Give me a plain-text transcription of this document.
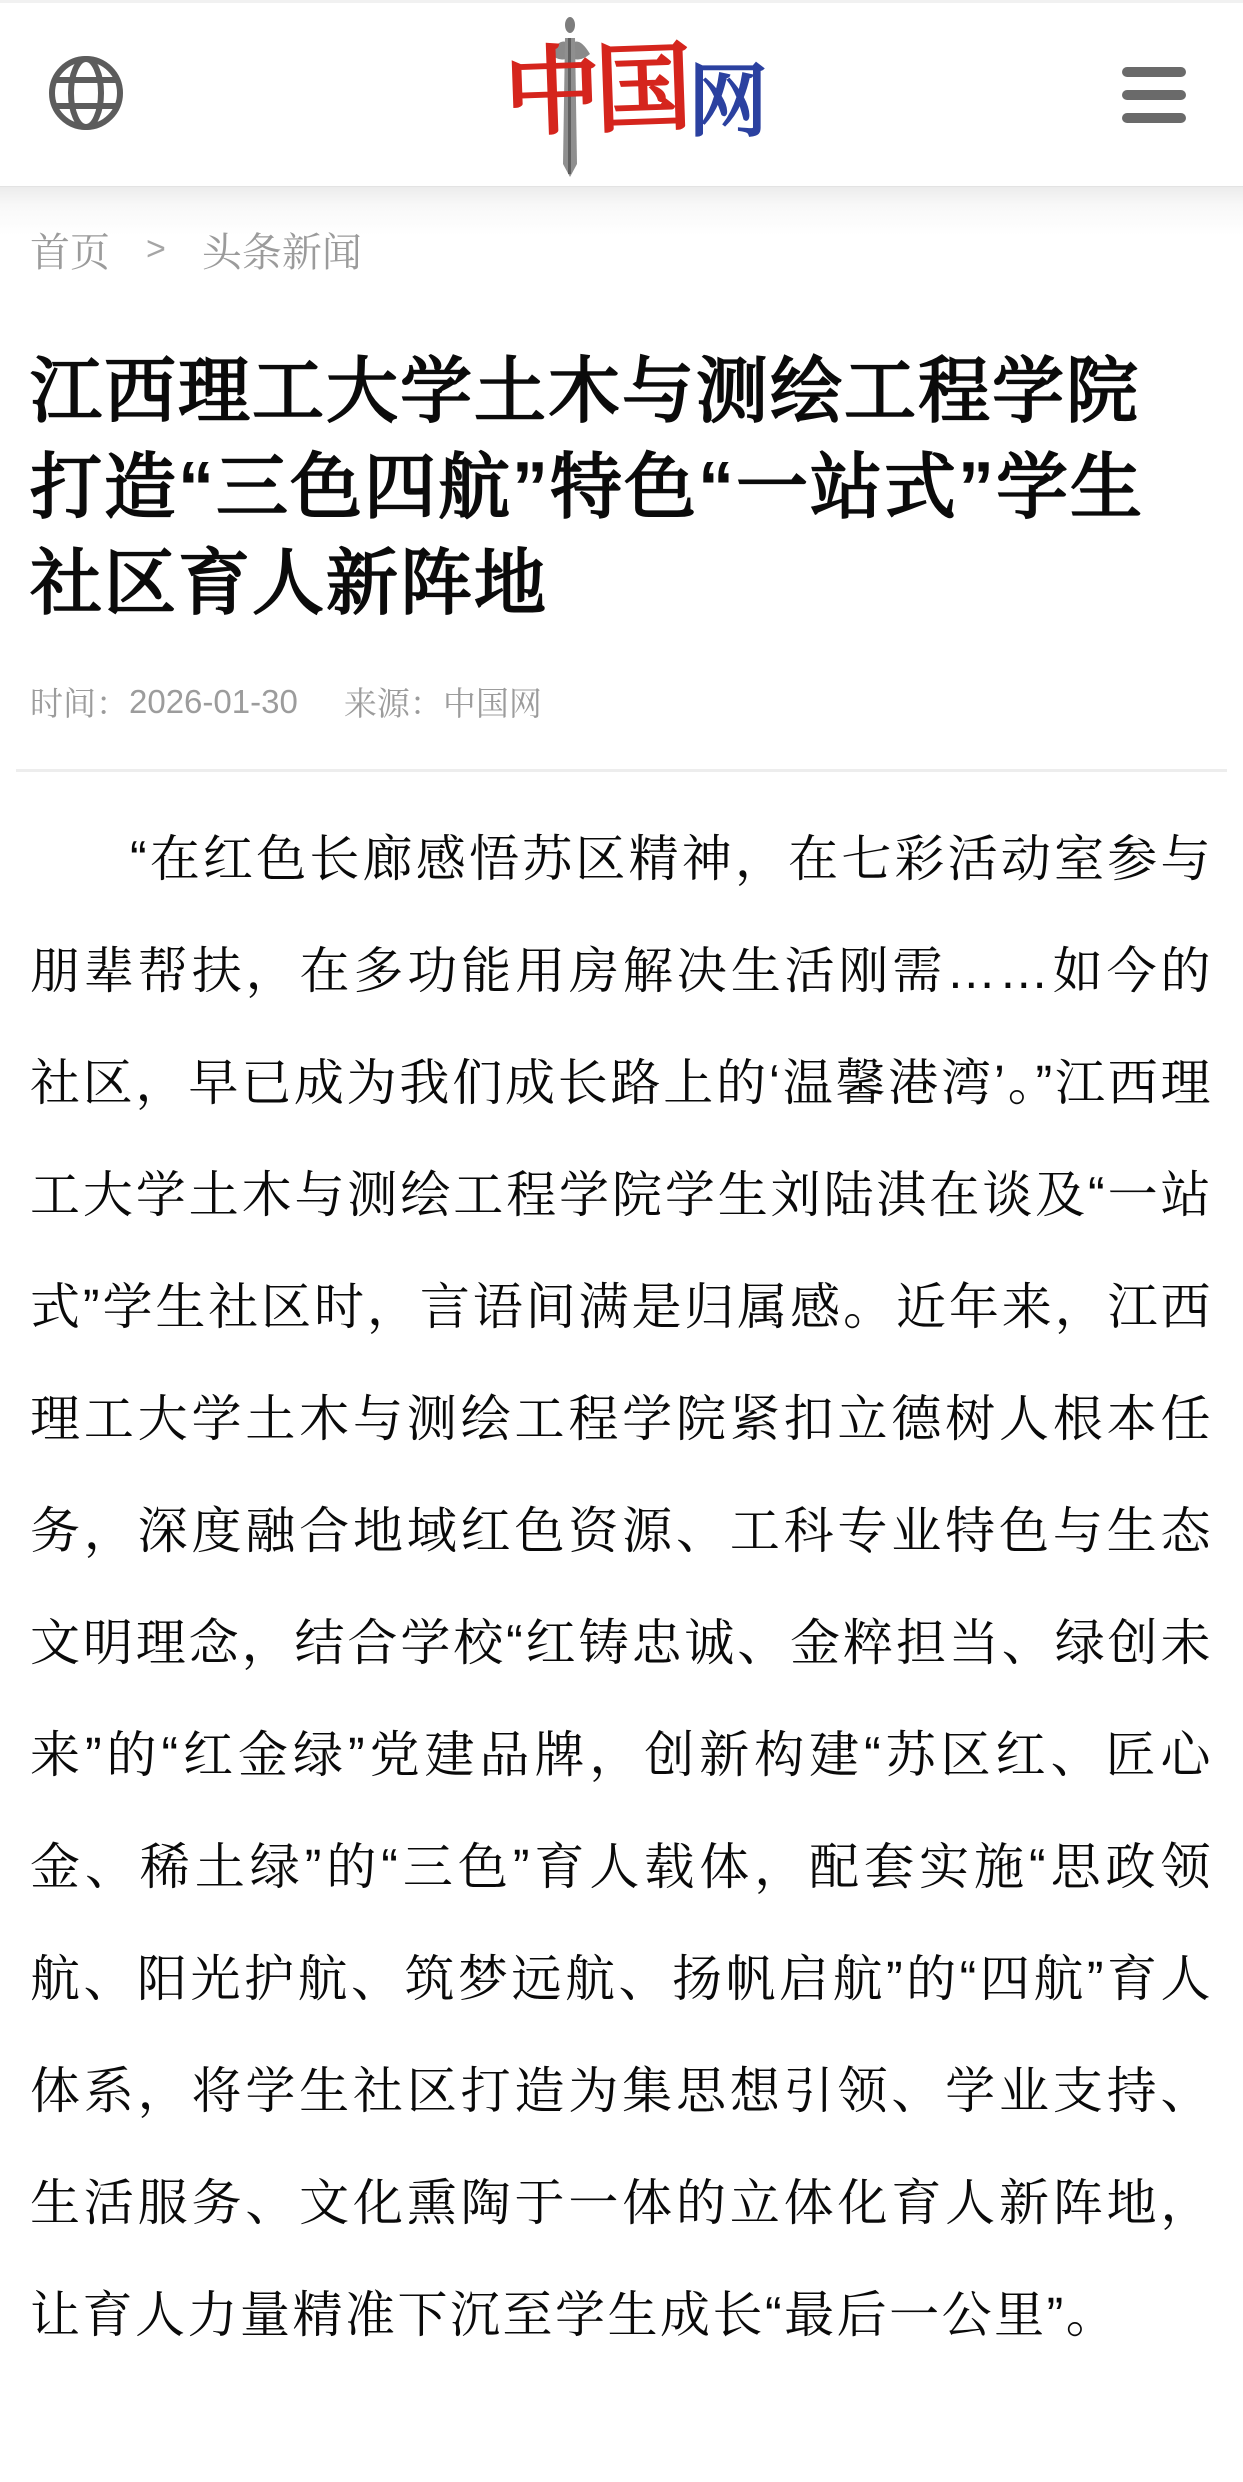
中国 网
首页 > 头条新闻
江西理工大学土木与测绘工程学院打造“三色四航”特色“一站式”学生社区育人新阵地
时间： 2026-01-30 来源： 中国网

“在红色长廊感悟苏区精神，在七彩活动室参与朋辈帮扶，在多功能用房解决生活刚需……如今的社区，早已成为我们成长路上的‘温馨港湾’。”江西理工大学土木与测绘工程学院学生刘陆淇在谈及“一站式”学生社区时，言语间满是归属感。近年来，江西理工大学土木与测绘工程学院紧扣立德树人根本任务，深度融合地域红色资源、工科专业特色与生态文明理念，结合学校“红铸忠诚、金粹担当、绿创未来”的“红金绿”党建品牌，创新构建“苏区红、匠心金、稀土绿”的“三色”育人载体，配套实施“思政领航、阳光护航、筑梦远航、扬帆启航”的“四航”育人体系，将学生社区打造为集思想引领、学业支持、生活服务、文化熏陶于一体的立体化育人新阵地，让育人力量精准下沉至学生成长“最后一公里”。
